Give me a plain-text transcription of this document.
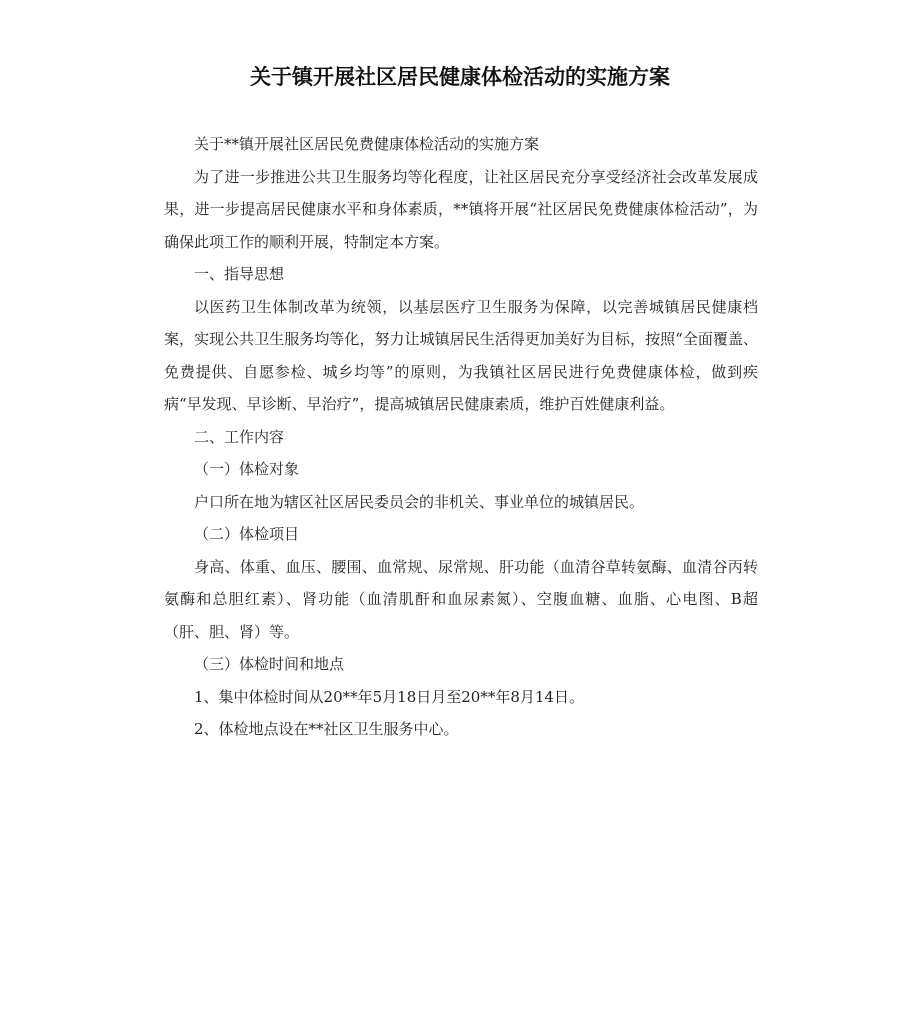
关于镇开展社区居民健康体检活动的实施方案

关于**镇开展社区居民免费健康体检活动的实施方案

为了进一步推进公共卫生服务均等化程度，让社区居民充分享受经济社会改革发展成果，进一步提高居民健康水平和身体素质，**镇将开展“社区居民免费健康体检活动”，为确保此项工作的顺利开展，特制定本方案。

一、指导思想

以医药卫生体制改革为统领，以基层医疗卫生服务为保障，以完善城镇居民健康档案，实现公共卫生服务均等化，努力让城镇居民生活得更加美好为目标，按照“全面覆盖、免费提供、自愿参检、城乡均等”的原则，为我镇社区居民进行免费健康体检，做到疾病“早发现、早诊断、早治疗”，提高城镇居民健康素质，维护百姓健康利益。

二、工作内容

（一）体检对象

户口所在地为辖区社区居民委员会的非机关、事业单位的城镇居民。

（二）体检项目

身高、体重、血压、腰围、血常规、尿常规、肝功能（血清谷草转氨酶、血清谷丙转氨酶和总胆红素）、肾功能（血清肌酐和血尿素氮）、空腹血糖、血脂、心电图、B超（肝、胆、肾）等。

（三）体检时间和地点

1、集中体检时间从20**年5月18日月至20**年8月14日。

2、体检地点设在**社区卫生服务中心。
